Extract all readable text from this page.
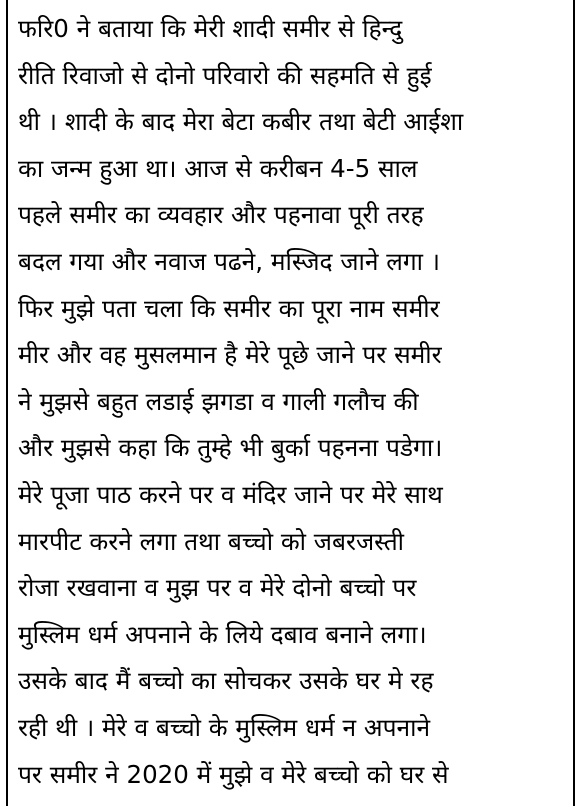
फरि0 ने बताया कि मेरी शादी समीर से हिन्दु
रीति रिवाजो से दोनो परिवारो की सहमति से हुई
थी । शादी के बाद मेरा बेटा कबीर तथा बेटी आईशा
का जन्म हुआ था। आज से करीबन 4-5 साल
पहले समीर का व्यवहार और पहनावा पूरी तरह
बदल गया और नवाज पढने, मस्जिद जाने लगा ।
फिर मुझे पता चला कि समीर का पूरा नाम समीर
मीर और वह मुसलमान है मेरे पूछे जाने पर समीर
ने मुझसे बहुत लडाई झगडा व गाली गलौच की
और मुझसे कहा कि तुम्हे भी बुर्का पहनना पडेगा।
मेरे पूजा पाठ करने पर व मंदिर जाने पर मेरे साथ
मारपीट करने लगा तथा बच्चो को जबरजस्ती
रोजा रखवाना व मुझ पर व मेरे दोनो बच्चो पर
मुस्लिम धर्म अपनाने के लिये दबाव बनाने लगा।
उसके बाद मैं बच्चो का सोचकर उसके घर मे रह
रही थी । मेरे व बच्चो के मुस्लिम धर्म न अपनाने
पर समीर ने 2020 में मुझे व मेरे बच्चो को घर से
